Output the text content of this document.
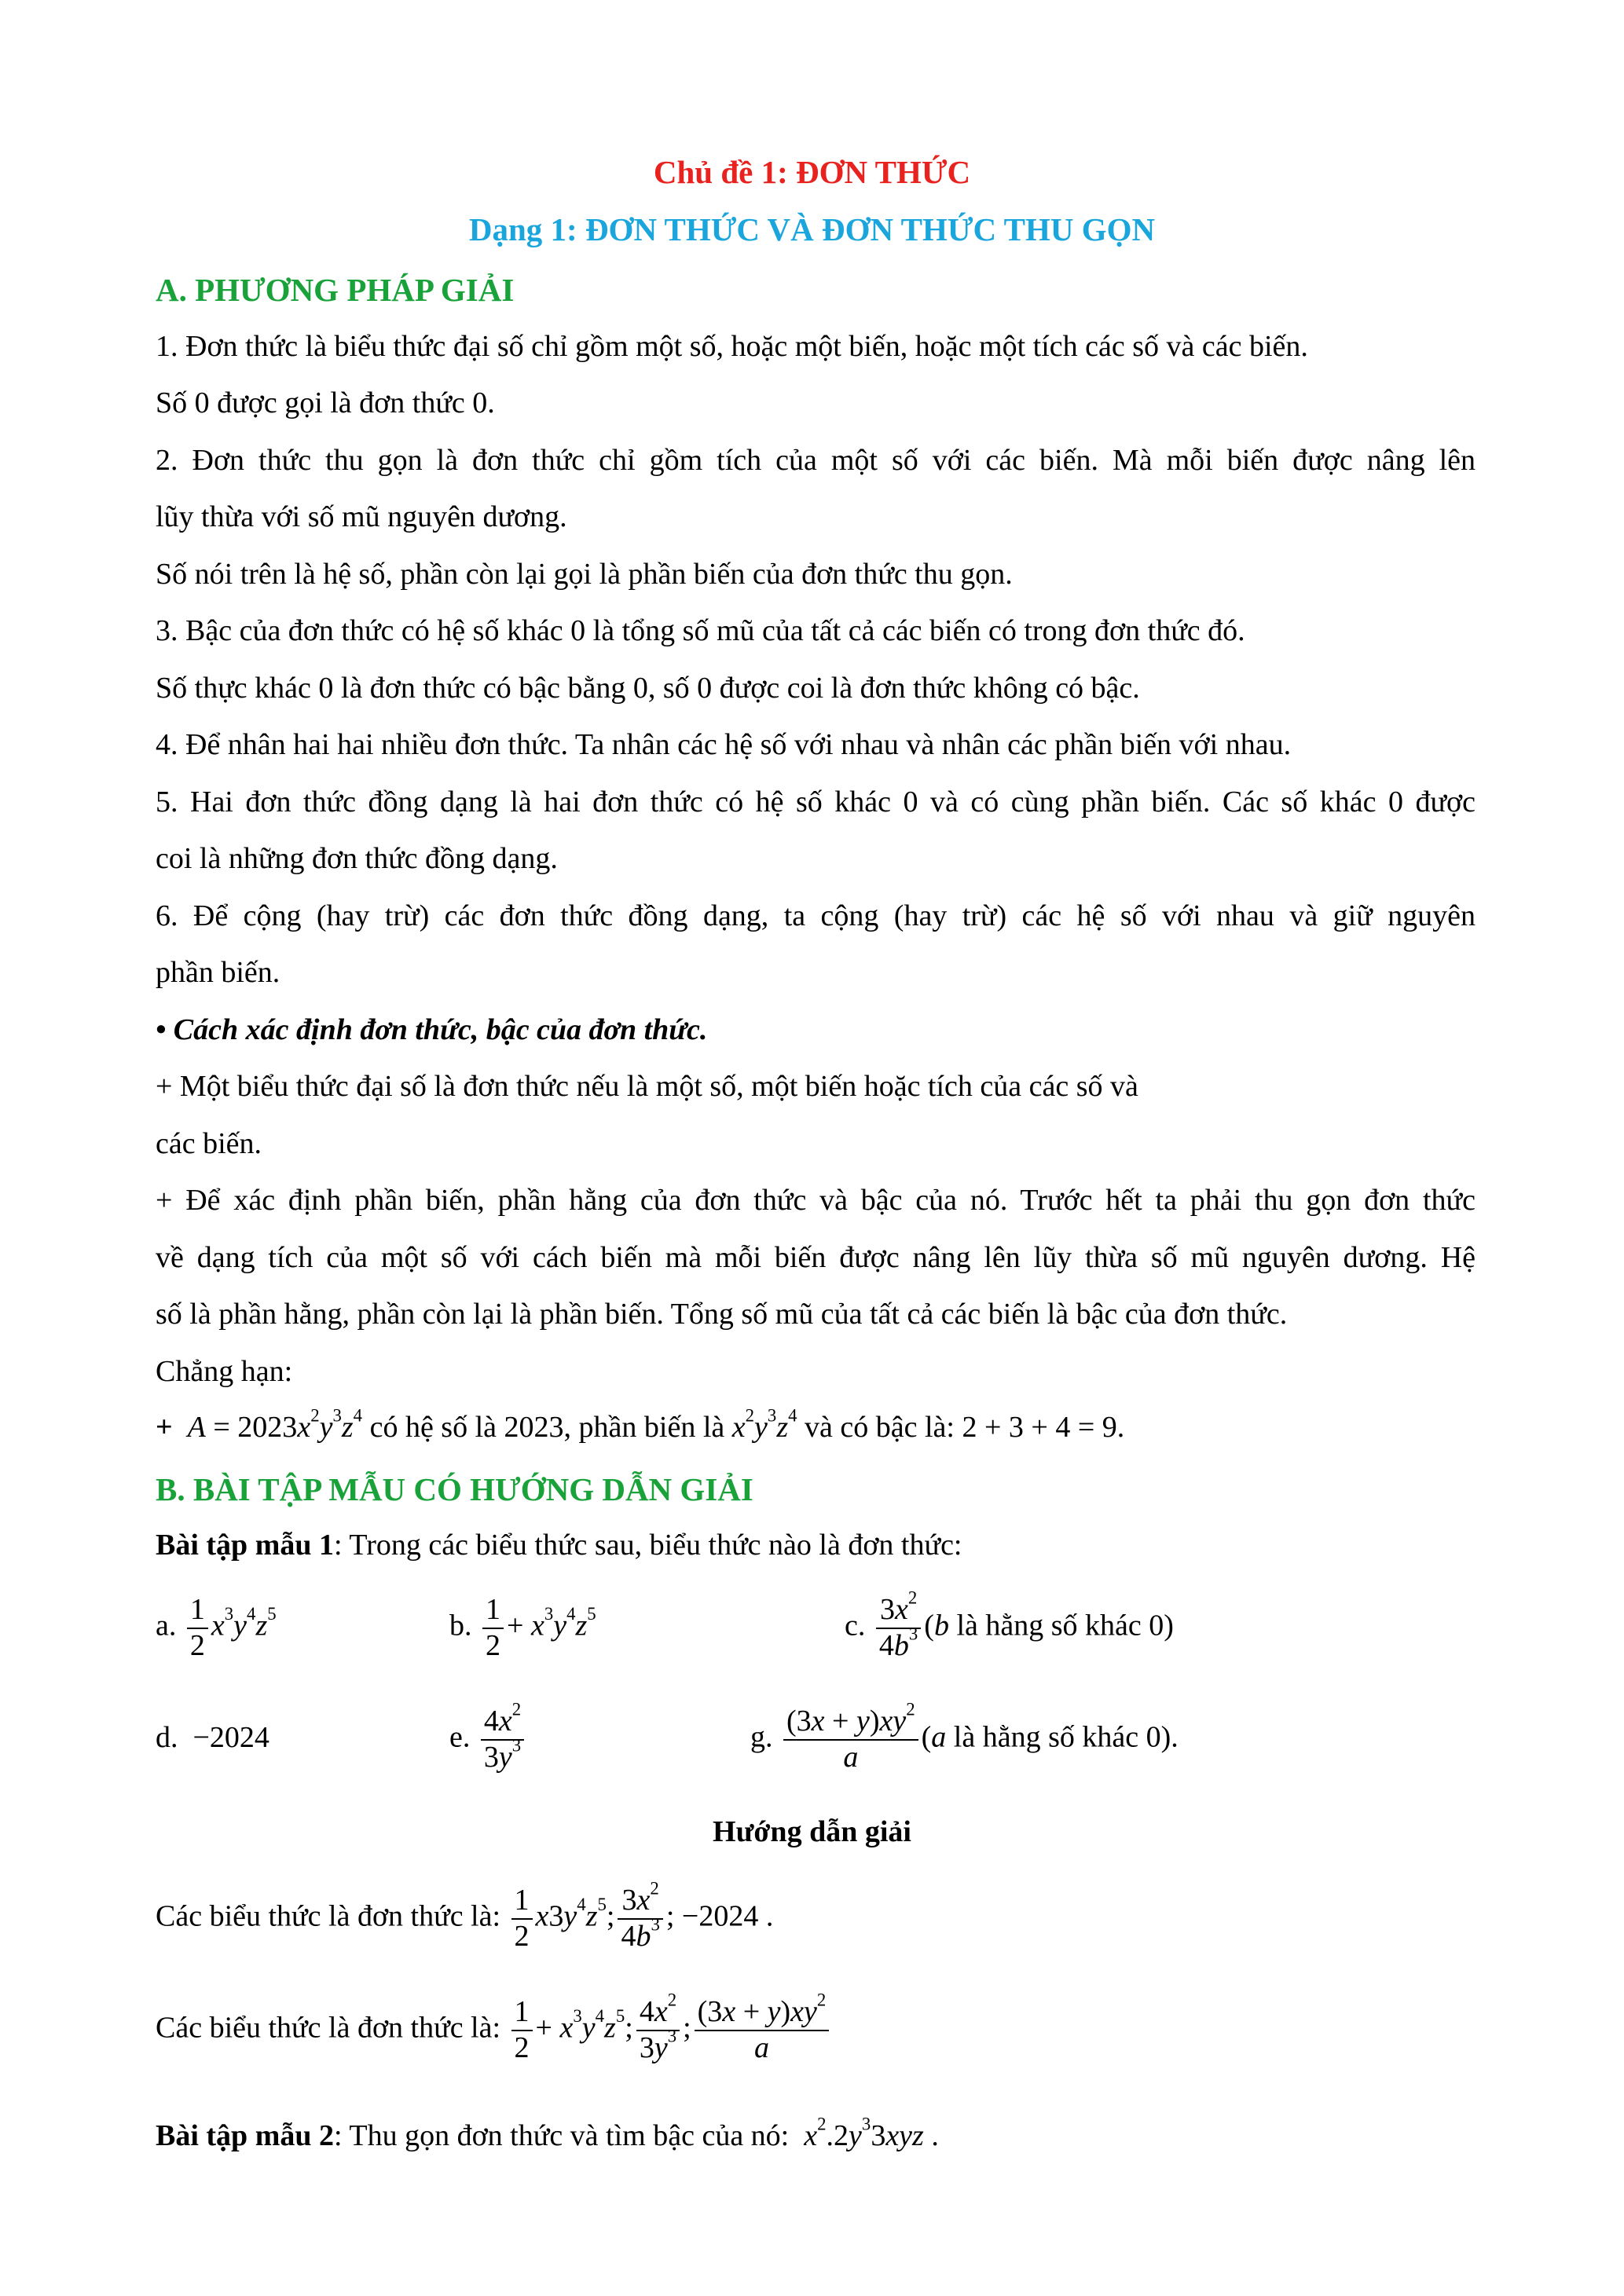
Chủ đề 1: ĐƠN THỨC
Dạng 1: ĐƠN THỨC VÀ ĐƠN THỨC THU GỌN
A. PHƯƠNG PHÁP GIẢI
1. Đơn thức là biểu thức đại số chỉ gồm một số, hoặc một biến, hoặc một tích các số và các biến.
Số 0 được gọi là đơn thức 0.
2. Đơn thức thu gọn là đơn thức chỉ gồm tích của một số với các biến. Mà mỗi biến được nâng lên
lũy thừa với số mũ nguyên dương.
Số nói trên là hệ số, phần còn lại gọi là phần biến của đơn thức thu gọn.
3. Bậc của đơn thức có hệ số khác 0 là tổng số mũ của tất cả các biến có trong đơn thức đó.
Số thực khác 0 là đơn thức có bậc bằng 0, số 0 được coi là đơn thức không có bậc.
4. Để nhân hai hai nhiều đơn thức. Ta nhân các hệ số với nhau và nhân các phần biến với nhau.
5. Hai đơn thức đồng dạng là hai đơn thức có hệ số khác 0 và có cùng phần biến. Các số khác 0 được
coi là những đơn thức đồng dạng.
6. Để cộng (hay trừ) các đơn thức đồng dạng, ta cộng (hay trừ) các hệ số với nhau và giữ nguyên
phần biến.
• Cách xác định đơn thức, bậc của đơn thức.
+ Một biểu thức đại số là đơn thức nếu là một số, một biến hoặc tích của các số và
các biến.
+ Để xác định phần biến, phần hằng của đơn thức và bậc của nó. Trước hết ta phải thu gọn đơn thức
về dạng tích của một số với cách biến mà mỗi biến được nâng lên lũy thừa số mũ nguyên dương. Hệ
số là phần hằng, phần còn lại là phần biến. Tổng số mũ của tất cả các biến là bậc của đơn thức.
Chẳng hạn:
+ $A = 2023x^2y^3z^4$ có hệ số là 2023, phần biến là $x^2y^3z^4$ và có bậc là: 2 + 3 + 4 = 9.
B. BÀI TẬP MẪU CÓ HƯỚNG DẪN GIẢI
Bài tập mẫu 1: Trong các biểu thức sau, biểu thức nào là đơn thức:
a. $\frac{1}{2} x^3y^4z^5$	b. $\frac{1}{2} + x^3y^4z^5$	c. $\frac{3x^2}{4b^3} (b$ là hằng số khác 0)
d. −2024	e. $\frac{4x^2}{3y^3}$	g. $\frac{(3x + y)xy^2}{a} (a$ là hằng số khác 0).
Hướng dẫn giải
Các biểu thức là đơn thức là: $\frac{1}{2} x3y^4z^5$; $\frac{3x^2}{4b^3}$ ; −2024 .
Các biểu thức là đơn thức là: $\frac{1}{2} + x^3y^4z^5$; $\frac{4x^2}{3y^3}$ ; $\frac{(3x + y)xy^2}{a}$
Bài tập mẫu 2: Thu gọn đơn thức và tìm bậc của nó: $x^2.2y^33xyz$ .
